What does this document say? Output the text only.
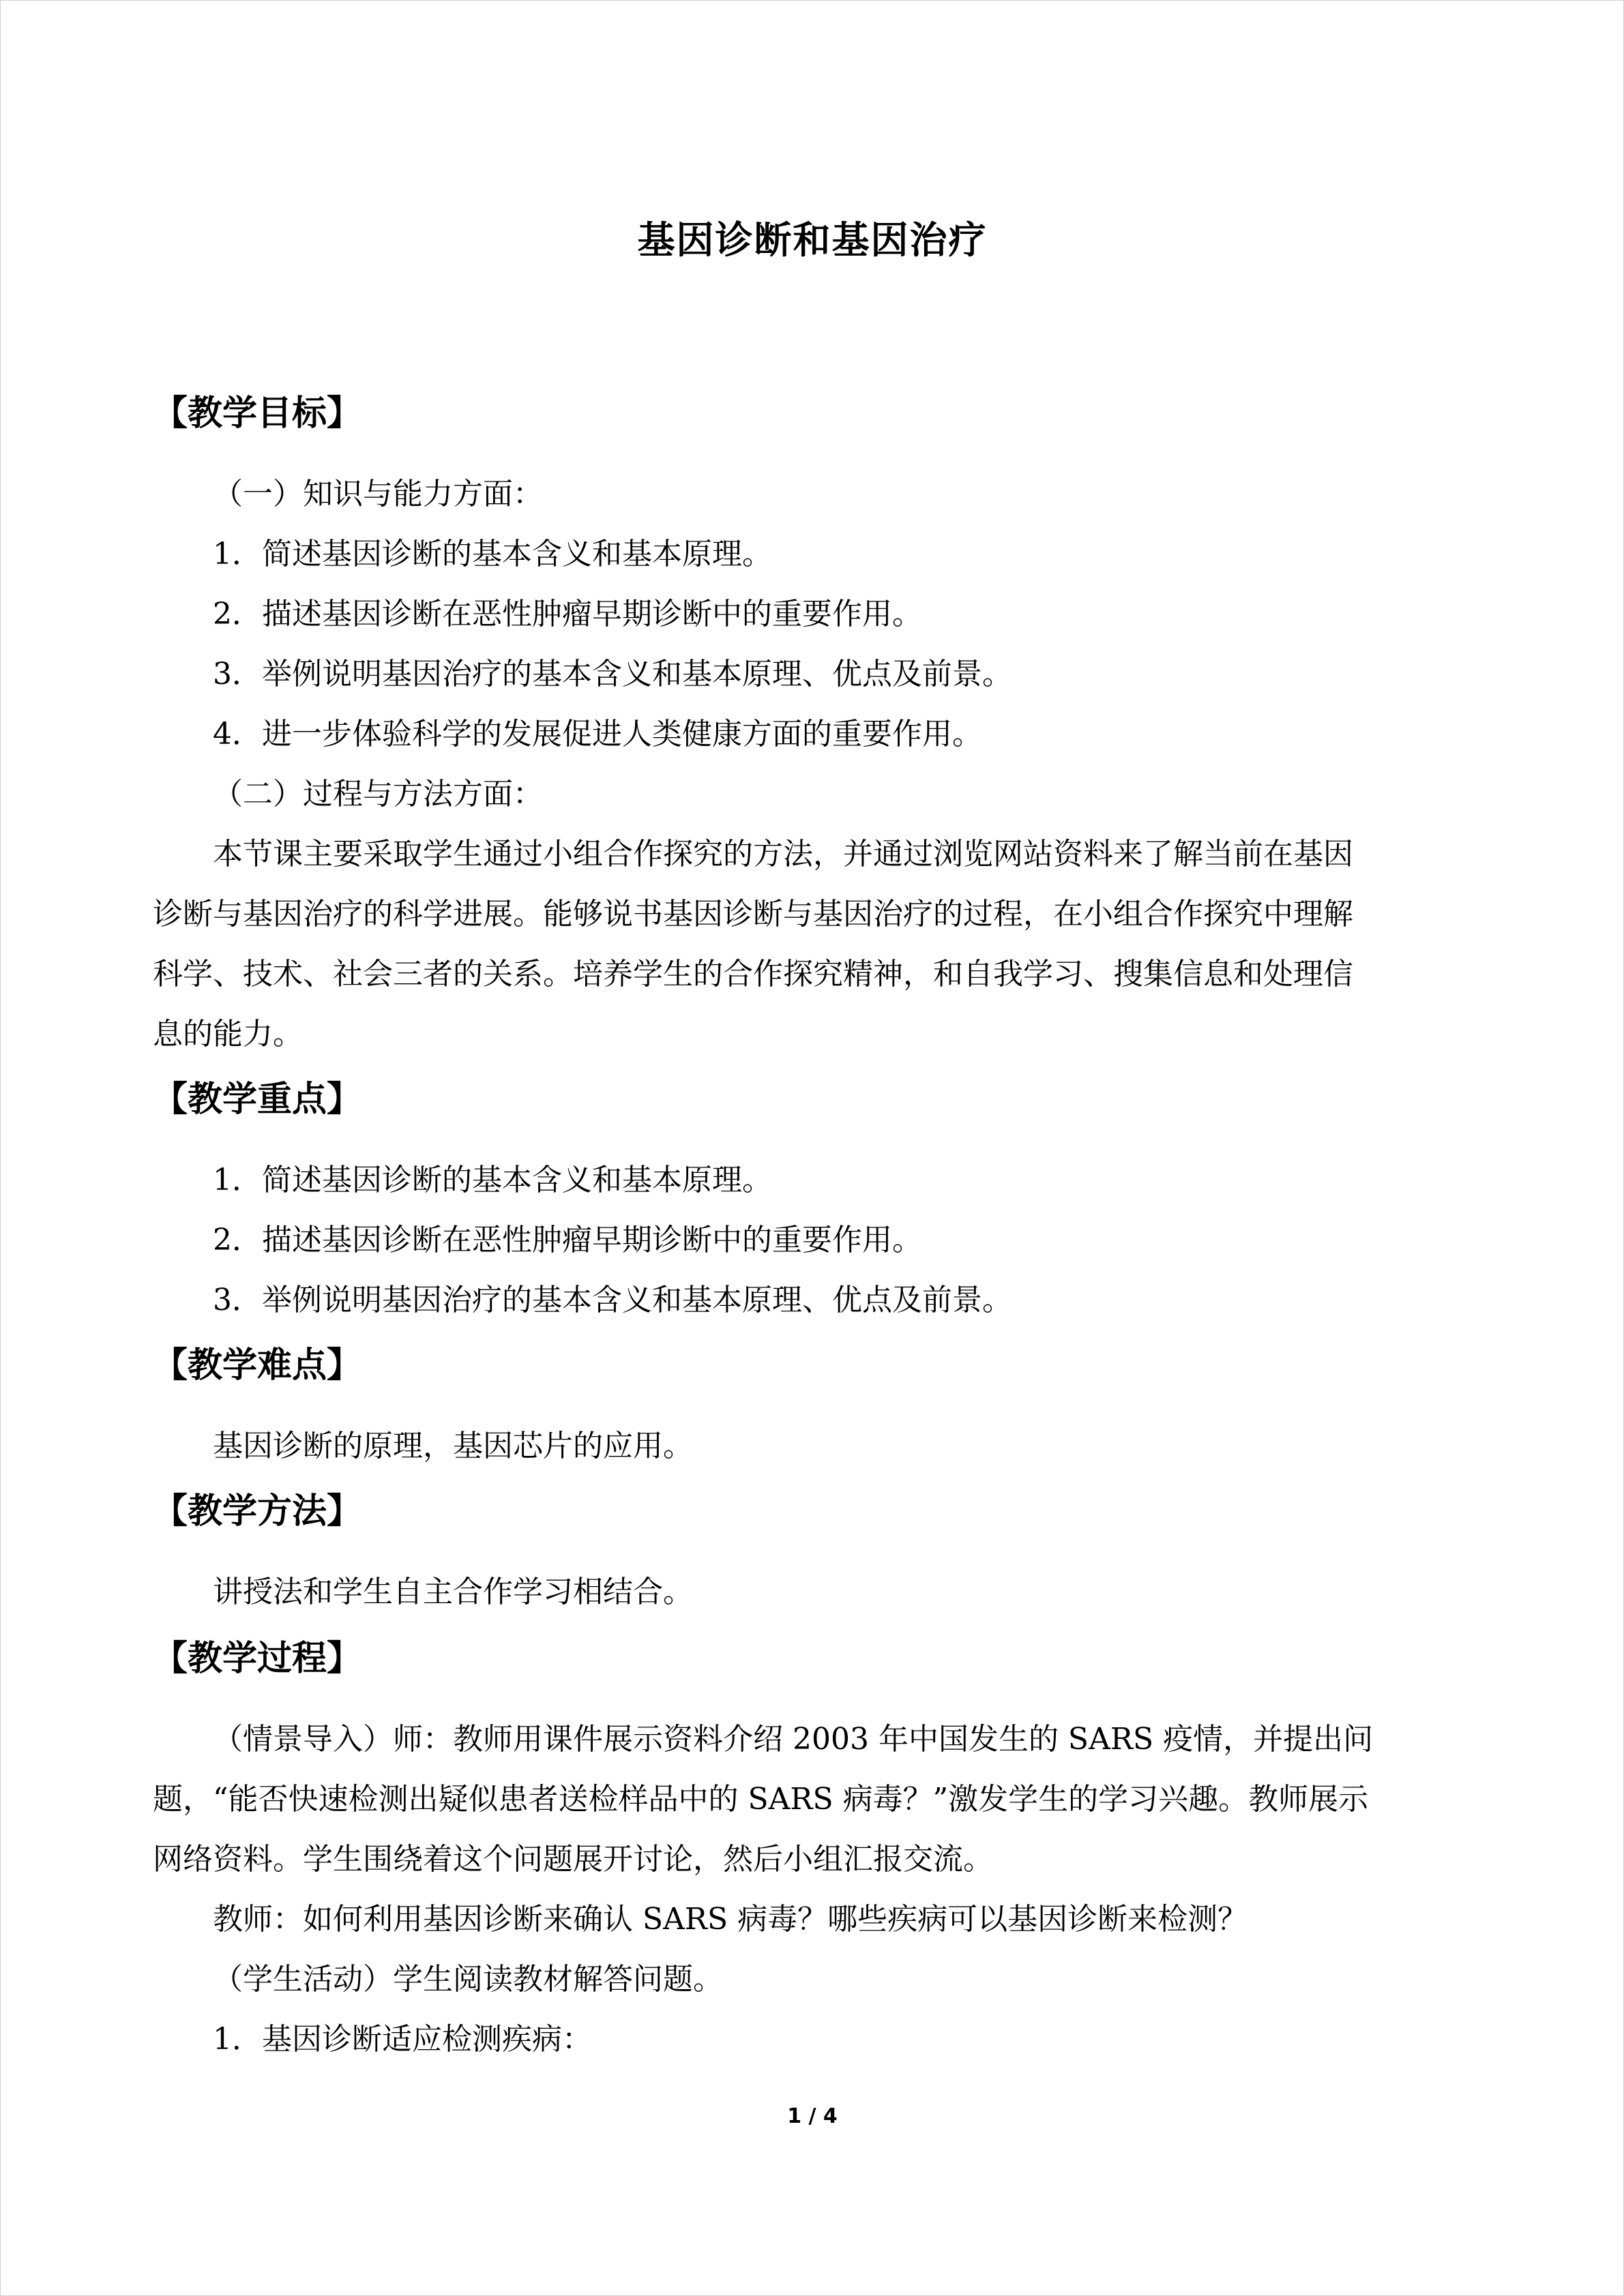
基因诊断和基因治疗
【教学目标】
（一）知识与能力方面：
1．简述基因诊断的基本含义和基本原理。
2．描述基因诊断在恶性肿瘤早期诊断中的重要作用。
3．举例说明基因治疗的基本含义和基本原理、优点及前景。
4．进一步体验科学的发展促进人类健康方面的重要作用。
（二）过程与方法方面：
本节课主要采取学生通过小组合作探究的方法，并通过浏览网站资料来了解当前在基因
诊断与基因治疗的科学进展。能够说书基因诊断与基因治疗的过程，在小组合作探究中理解
科学、技术、社会三者的关系。培养学生的合作探究精神，和自我学习、搜集信息和处理信
息的能力。
【教学重点】
1．简述基因诊断的基本含义和基本原理。
2．描述基因诊断在恶性肿瘤早期诊断中的重要作用。
3．举例说明基因治疗的基本含义和基本原理、优点及前景。
【教学难点】
基因诊断的原理，基因芯片的应用。
【教学方法】
讲授法和学生自主合作学习相结合。
【教学过程】
（情景导入）师：教师用课件展示资料介绍 2003 年中国发生的 SARS 疫情，并提出问
题，“能否快速检测出疑似患者送检样品中的 SARS 病毒？”激发学生的学习兴趣。教师展示
网络资料。学生围绕着这个问题展开讨论，然后小组汇报交流。
教师：如何利用基因诊断来确认 SARS 病毒？哪些疾病可以基因诊断来检测？
（学生活动）学生阅读教材解答问题。
1．基因诊断适应检测疾病：
1 / 4
